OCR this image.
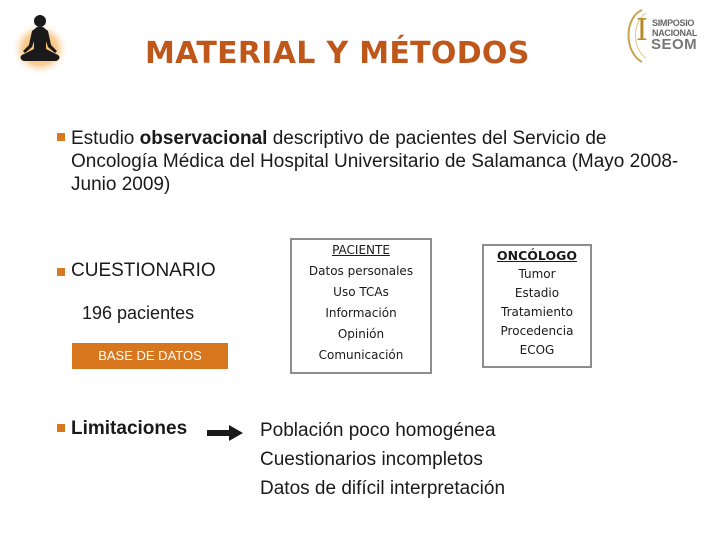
MATERIAL Y MÉTODOS
I SIMPOSIO
NACIONAL
SEOM
Estudio observacional descriptivo de pacientes del Servicio de Oncología Médica del Hospital Universitario de Salamanca (Mayo 2008- Junio 2009)
CUESTIONARIO
196 pacientes
BASE DE DATOS
PACIENTE
Datos personales
Uso TCAs
Información
Opinión
Comunicación
ONCÓLOGO
Tumor
Estadio
Tratamiento
Procedencia
ECOG
Limitaciones	Población poco homogénea
Cuestionarios incompletos
Datos de difícil interpretación
